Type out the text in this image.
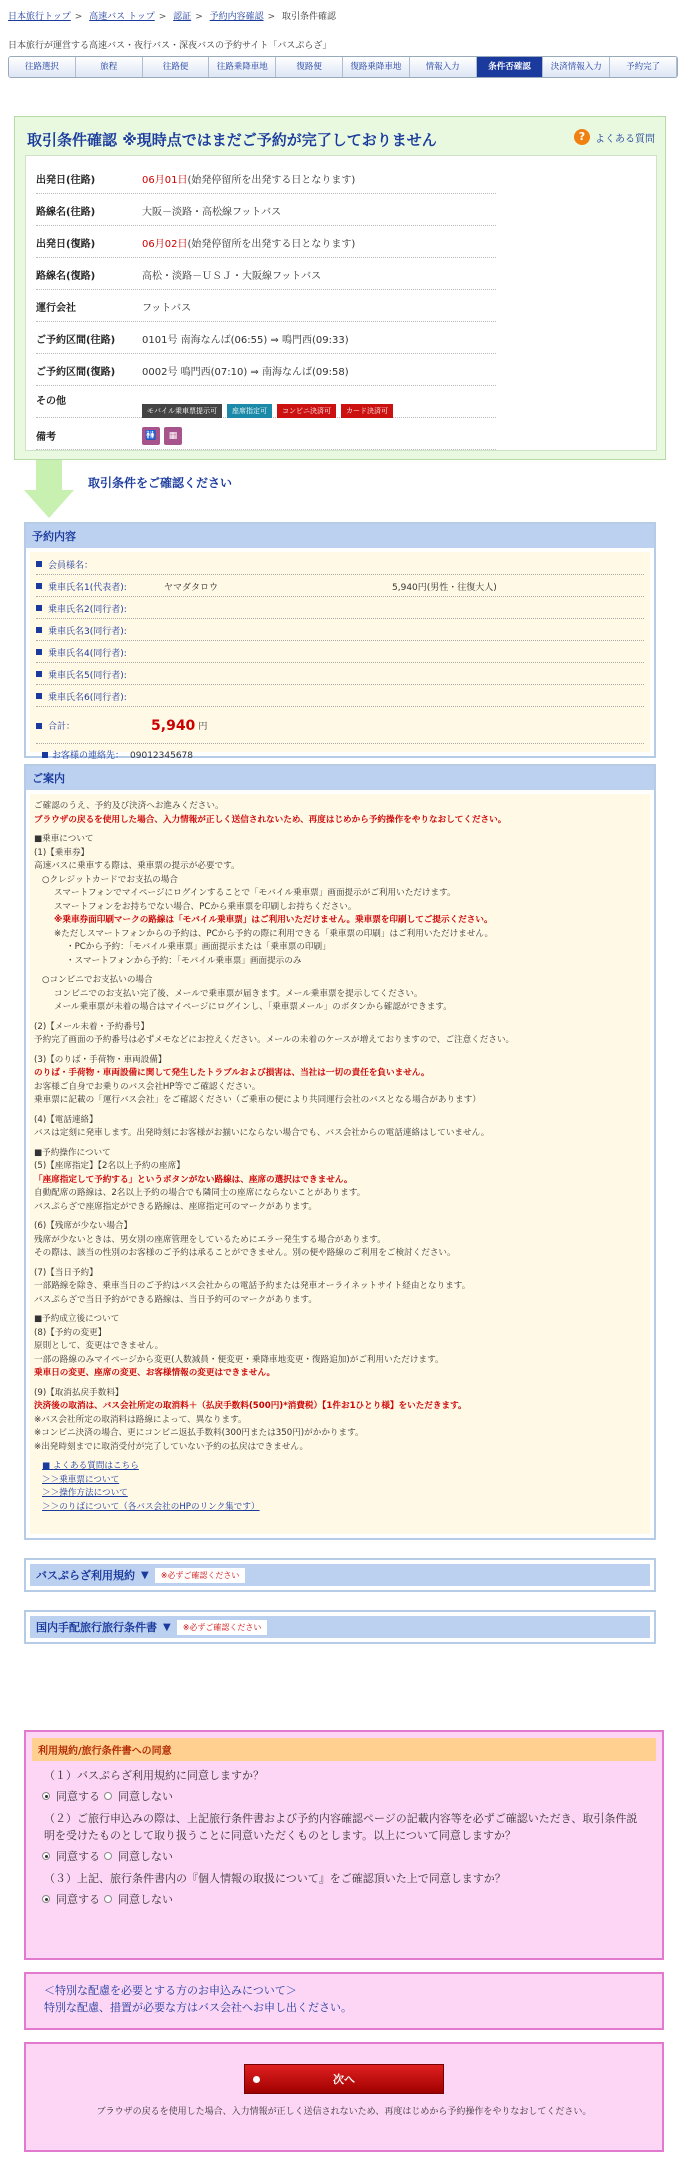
日本旅行トップ > 高速バス トップ > 認証 > 予約内容確認 > 取引条件確認
日本旅行が運営する高速バス・夜行バス・深夜バスの予約サイト「バスぷらざ」
往路選択	旅程	往路便	往路乗降車地	復路便	復路乗降車地	情報入力	条件否確認	決済情報入力	予約完了
取引条件確認 ※現時点ではまだご予約が完了しておりません	? よくある質問
出発日(往路)	06月01日(始発停留所を出発する日となります)
路線名(往路)	大阪－淡路・高松線フットバス
出発日(復路)	06月02日(始発停留所を出発する日となります)
路線名(復路)	高松・淡路－ＵＳＪ・大阪線フットバス
運行会社	フットバス
ご予約区間(往路)	0101号 南海なんば(06:55) ⇒ 鳴門西(09:33)
ご予約区間(復路)	0002号 鳴門西(07:10) ⇒ 南海なんば(09:58)
その他
モバイル乗車票提示可	座席指定可	コンビニ決済可	カード決済可
備考	🚻	▦
取引条件をご確認ください
予約内容
会員様名：
乗車氏名1(代表者):	ヤマダタロウ	5,940円(男性・往復大人)
乗車氏名2(同行者):
乗車氏名3(同行者):
乗車氏名4(同行者):
乗車氏名5(同行者):
乗車氏名6(同行者):
合計：	5,940 円
お客様の連絡先： 09012345678
ご案内

ご確認のうえ、予約及び決済へお進みください。

ブラウザの戻るを使用した場合、入力情報が正しく送信されないため、再度はじめから予約操作をやりなおしてください。

■乗車について

(1)【乗車券】

高速バスに乗車する際は、乗車票の提示が必要です。

○クレジットカードでお支払の場合

スマートフォンでマイページにログインすることで「モバイル乗車票」画面提示がご利用いただけます。

スマートフォンをお持ちでない場合、PCから乗車票を印刷しお持ちください。

※乗車券面印刷マークの路線は「モバイル乗車票」はご利用いただけません。乗車票を印刷してご提示ください。

※ただしスマートフォンからの予約は、PCから予約の際に利用できる「乗車票の印刷」はご利用いただけません。

・PCから予約：「モバイル乗車票」画面提示または「乗車票の印刷」

・スマートフォンから予約：「モバイル乗車票」画面提示のみ

○コンビニでお支払いの場合

コンビニでのお支払い完了後、メールで乗車票が届きます。メール乗車票を提示してください。

メール乗車票が未着の場合はマイページにログインし、「乗車票メール」のボタンから確認ができます。

(2)【メール未着・予約番号】

予約完了画面の予約番号は必ずメモなどにお控えください。メールの未着のケースが増えておりますので、ご注意ください。

(3)【のりば・手荷物・車両設備】

のりば・手荷物・車両設備に関して発生したトラブルおよび損害は、当社は一切の責任を負いません。

お客様ご自身でお乗りのバス会社HP等でご確認ください。

乗車票に記載の「運行バス会社」をご確認ください（ご乗車の便により共同運行会社のバスとなる場合があります）

(4)【電話連絡】

バスは定刻に発車します。出発時刻にお客様がお揃いにならない場合でも、バス会社からの電話連絡はしていません。

■予約操作について

(5)【座席指定】【2名以上予約の座席】

「座席指定して予約する」というボタンがない路線は、座席の選択はできません。

自動配席の路線は、2名以上予約の場合でも隣同士の座席にならないことがあります。

バスぷらざで座席指定ができる路線は、座席指定可のマークがあります。

(6)【残席が少ない場合】

残席が少ないときは、男女別の座席管理をしているためにエラー発生する場合があります。

その際は、該当の性別のお客様のご予約は承ることができません。別の便や路線のご利用をご検討ください。

(7)【当日予約】

一部路線を除き、乗車当日のご予約はバス会社からの電話予約または発車オーライネットサイト経由となります。

バスぷらざで当日予約ができる路線は、当日予約可のマークがあります。

■予約成立後について

(8)【予約の変更】

原則として、変更はできません。

一部の路線のみマイページから変更(人数減員・便変更・乗降車地変更・復路追加)がご利用いただけます。

乗車日の変更、座席の変更、お客様情報の変更はできません。

(9)【取消払戻手数料】

決済後の取消は、バス会社所定の取消料＋（払戻手数料(500円)*消費税）【1件お1ひとり様】をいただきます。

※バス会社所定の取消料は路線によって、異なります。

※コンビニ決済の場合、更にコンビニ返払手数料(300円または350円)がかかります。

※出発時刻までに取消受付が完了していない予約の払戻はできません。

■ よくある質問はこちら
＞＞乗車票について
＞＞操作方法について
＞＞のりばについて（各バス会社のHPのリンク集です）
バスぷらざ利用規約 ▼	※必ずご確認ください
国内手配旅行旅行条件書 ▼	※必ずご確認ください
利用規約/旅行条件書への同意
（１）バスぷらざ利用規約に同意しますか？
同意する 同意しない
（２）ご旅行申込みの際は、上記旅行条件書および予約内容確認ページの記載内容等を必ずご確認いただき、取引条件説明を受けたものとして取り扱うことに同意いただくものとします。以上について同意しますか？
同意する 同意しない
（３）上記、旅行条件書内の『個人情報の取扱について』をご確認頂いた上で同意しますか？
同意する 同意しない
＜特別な配慮を必要とする方のお申込みについて＞
特別な配慮、措置が必要な方はバス会社へお申し出ください。
次へ
ブラウザの戻るを使用した場合、入力情報が正しく送信されないため、再度はじめから予約操作をやりなおしてください。
